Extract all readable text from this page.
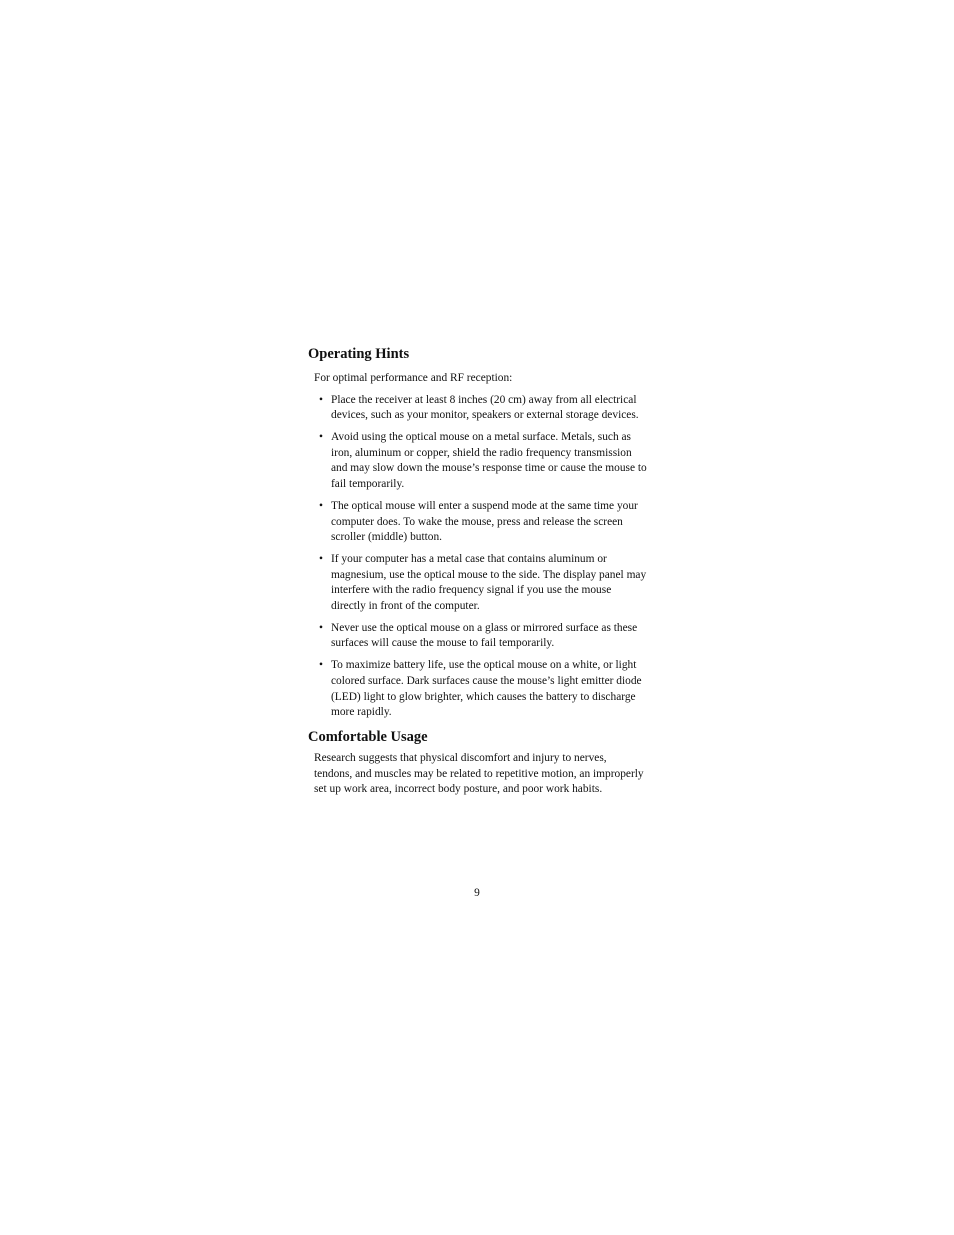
Operating Hints

For optimal performance and RF reception:

• Place the receiver at least 8 inches (20 cm) away from all electrical devices, such as your monitor, speakers or external storage devices.
• Avoid using the optical mouse on a metal surface. Metals, such as iron, aluminum or copper, shield the radio frequency transmission and may slow down the mouse’s response time or cause the mouse to fail temporarily.
• The optical mouse will enter a suspend mode at the same time your computer does. To wake the mouse, press and release the screen scroller (middle) button.
• If your computer has a metal case that contains aluminum or magnesium, use the optical mouse to the side. The display panel may interfere with the radio frequency signal if you use the mouse directly in front of the computer.
• Never use the optical mouse on a glass or mirrored surface as these surfaces will cause the mouse to fail temporarily.
• To maximize battery life, use the optical mouse on a white, or light colored surface. Dark surfaces cause the mouse’s light emitter diode (LED) light to glow brighter, which causes the battery to discharge more rapidly.
Comfortable Usage

Research suggests that physical discomfort and injury to nerves, tendons, and muscles may be related to repetitive motion, an improperly set up work area, incorrect body posture, and poor work habits.

9
